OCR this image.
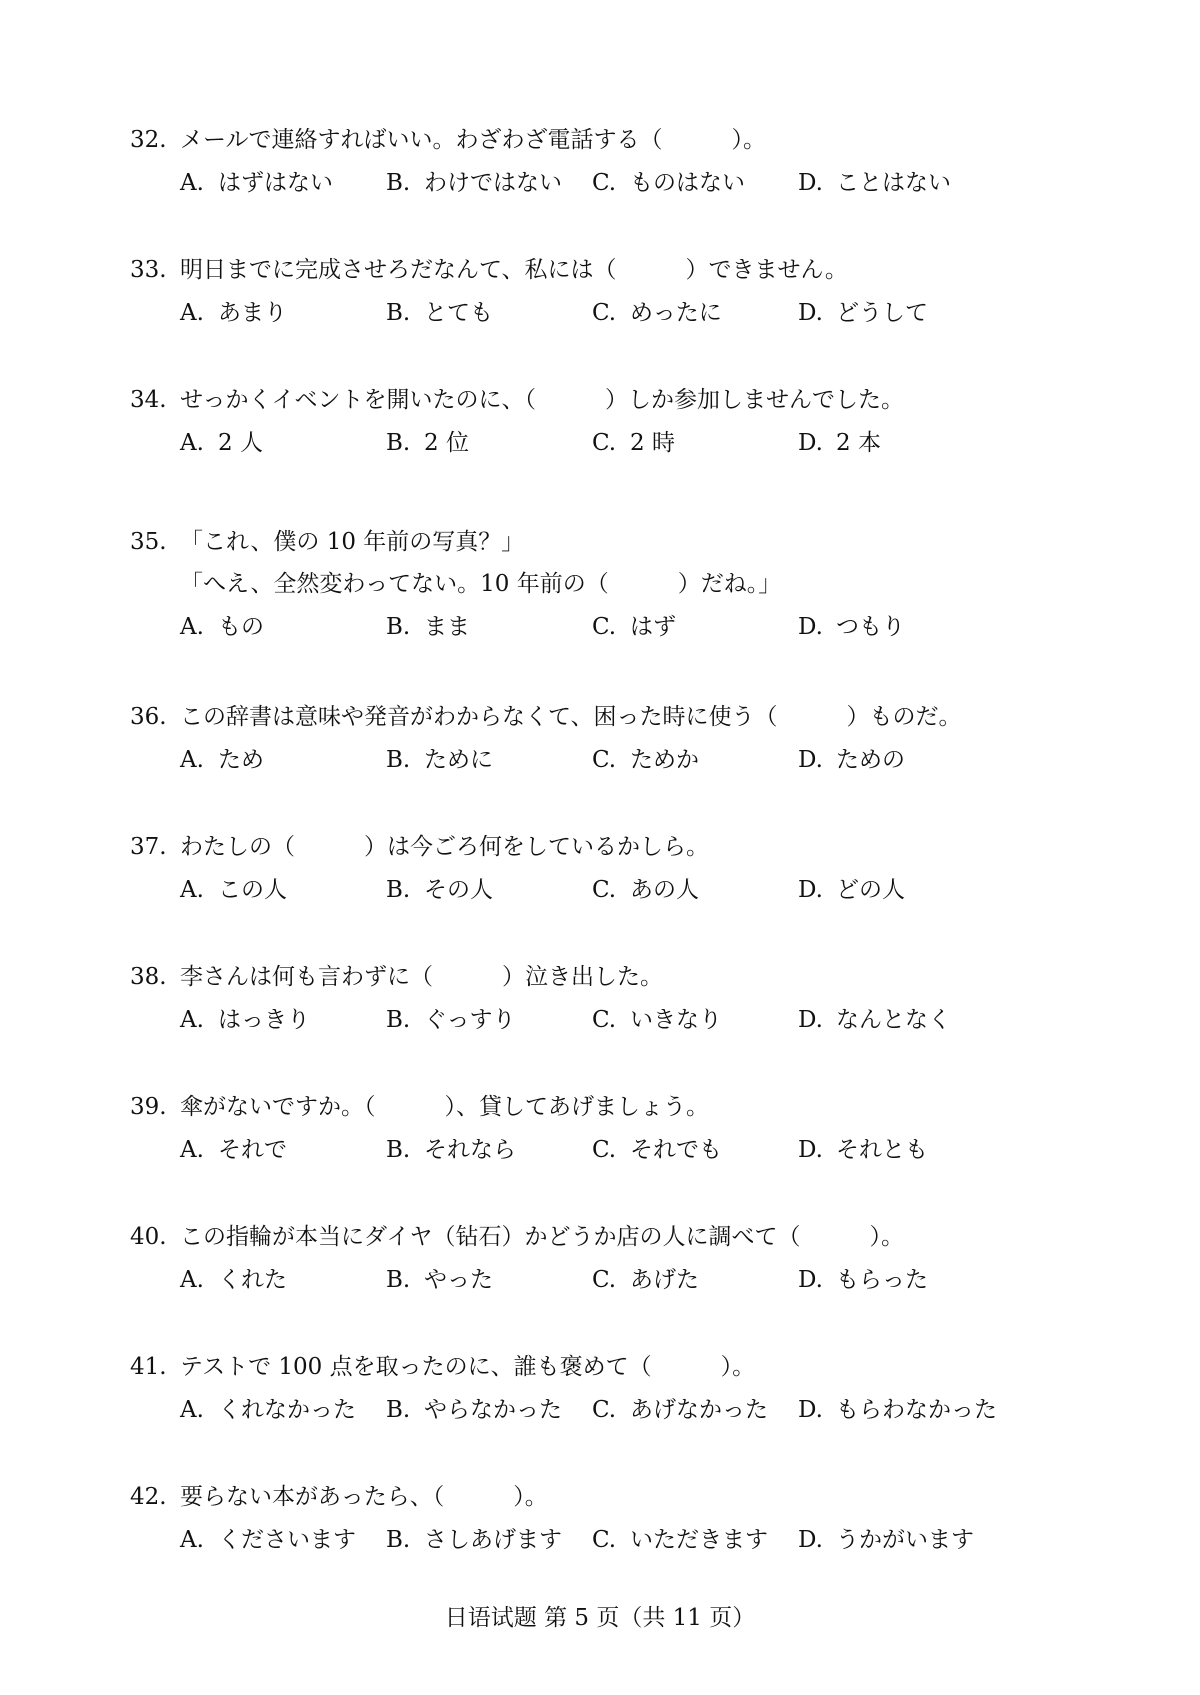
32. メールで連絡すればいい。わざわざ電話する（　　　）。
A. はずはない B. わけではない C. ものはない D. ことはない
33. 明日までに完成させろだなんて、私には（　　　）できません。
A. あまり	B. とても	C. めったに	D. どうして
34. せっかくイベントを開いたのに、（　　　）しか参加しませんでした。
A. 2 人	B. 2 位	C. 2 時	D. 2 本
35. 「これ、僕の 10 年前の写真？」
「へえ、全然変わってない。10 年前の（　　　）だね。」
A. もの	B. まま	C. はず	D. つもり
36. この辞書は意味や発音がわからなくて、困った時に使う（　　　）ものだ。
A. ため	B. ために	C. ためか	D. ための
37. わたしの（　　　）は今ごろ何をしているかしら。
A. この人	B. その人	C. あの人	D. どの人
38. 李さんは何も言わずに（　　　）泣き出した。
A. はっきり	B. ぐっすり	C. いきなり	D. なんとなく
39. 傘がないですか。（　　　）、貸してあげましょう。
A. それで	B. それなら	C. それでも	D. それとも
40. この指輪が本当にダイヤ（钻石）かどうか店の人に調べて（　　　）。
A. くれた	B. やった	C. あげた	D. もらった
41. テストで 100 点を取ったのに、誰も褒めて（　　　）。
A. くれなかった B. やらなかった C. あげなかった D. もらわなかった
42. 要らない本があったら、（　　　）。
A. くださいます B. さしあげます C. いただきます D. うかがいます
日语试题 第 5 页（共 11 页）
